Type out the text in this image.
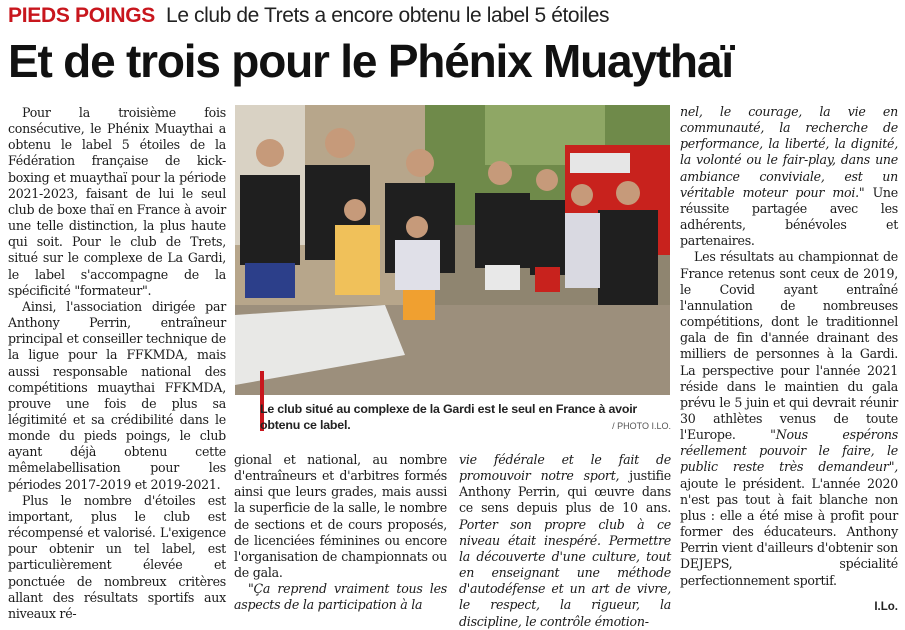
PIEDS POINGS Le club de Trets a encore obtenu le label 5 étoiles
Et de trois pour le Phénix Muaythaï

Pour la troisième fois consécutive, le Phénix Muaythai a obtenu le label 5 étoiles de la Fédération française de kick-boxing et muaythaï pour la période 2021-2023, faisant de lui le seul club de boxe thaï en France à avoir une telle distinction, la plus haute qui soit. Pour le club de Trets, situé sur le complexe de La Gardi, le label s'accompagne de la spécificité "formateur".

Ainsi, l'association dirigée par Anthony Perrin, entraîneur principal et conseiller technique de la ligue pour la FFKMDA, mais aussi responsable national des compétitions muaythai FFKMDA, prouve une fois de plus sa légitimité et sa crédibilité dans le monde du pieds poings, le club ayant déjà obtenu cette mêmelabellisation pour les périodes 2017-2019 et 2019-2021.

Plus le nombre d'étoiles est important, plus le club est récompensé et valorisé. L'exigence pour obtenir un tel label, est particulièrement élevée et ponctuée de nombreux critères allant des résultats sportifs aux niveaux ré-

Le club situé au complexe de la Gardi est le seul en France à avoir obtenu ce label.	/ PHOTO I.LO.

gional et national, au nombre d'entraîneurs et d'arbitres formés ainsi que leurs grades, mais aussi la superficie de la salle, le nombre de sections et de cours proposés, de licenciées féminines ou encore l'organisation de championnats ou de gala.

"Ça reprend vraiment tous les aspects de la participation à la

vie fédérale et le fait de promouvoir notre sport, justifie Anthony Perrin, qui œuvre dans ce sens depuis plus de 10 ans. Porter son propre club à ce niveau était inespéré. Permettre la découverte d'une culture, tout en enseignant une méthode d'autodéfense et un art de vivre, le respect, la rigueur, la discipline, le contrôle émotion-

nel, le courage, la vie en communauté, la recherche de performance, la liberté, la dignité, la volonté ou le fair-play, dans une ambiance conviviale, est un véritable moteur pour moi." Une réussite partagée avec les adhérents, bénévoles et partenaires.

Les résultats au championnat de France retenus sont ceux de 2019, le Covid ayant entraîné l'annulation de nombreuses compétitions, dont le traditionnel gala de fin d'année drainant des milliers de personnes à la Gardi. La perspective pour l'année 2021 réside dans le maintien du gala prévu le 5 juin et qui devrait réunir 30 athlètes venus de toute l'Europe. "Nous espérons réellement pouvoir le faire, le public reste très demandeur", ajoute le président. L'année 2020 n'est pas tout à fait blanche non plus : elle a été mise à profit pour former des éducateurs. Anthony Perrin vient d'ailleurs d'obtenir son DEJEPS, spécialité perfectionnement sportif.

I.Lo.
